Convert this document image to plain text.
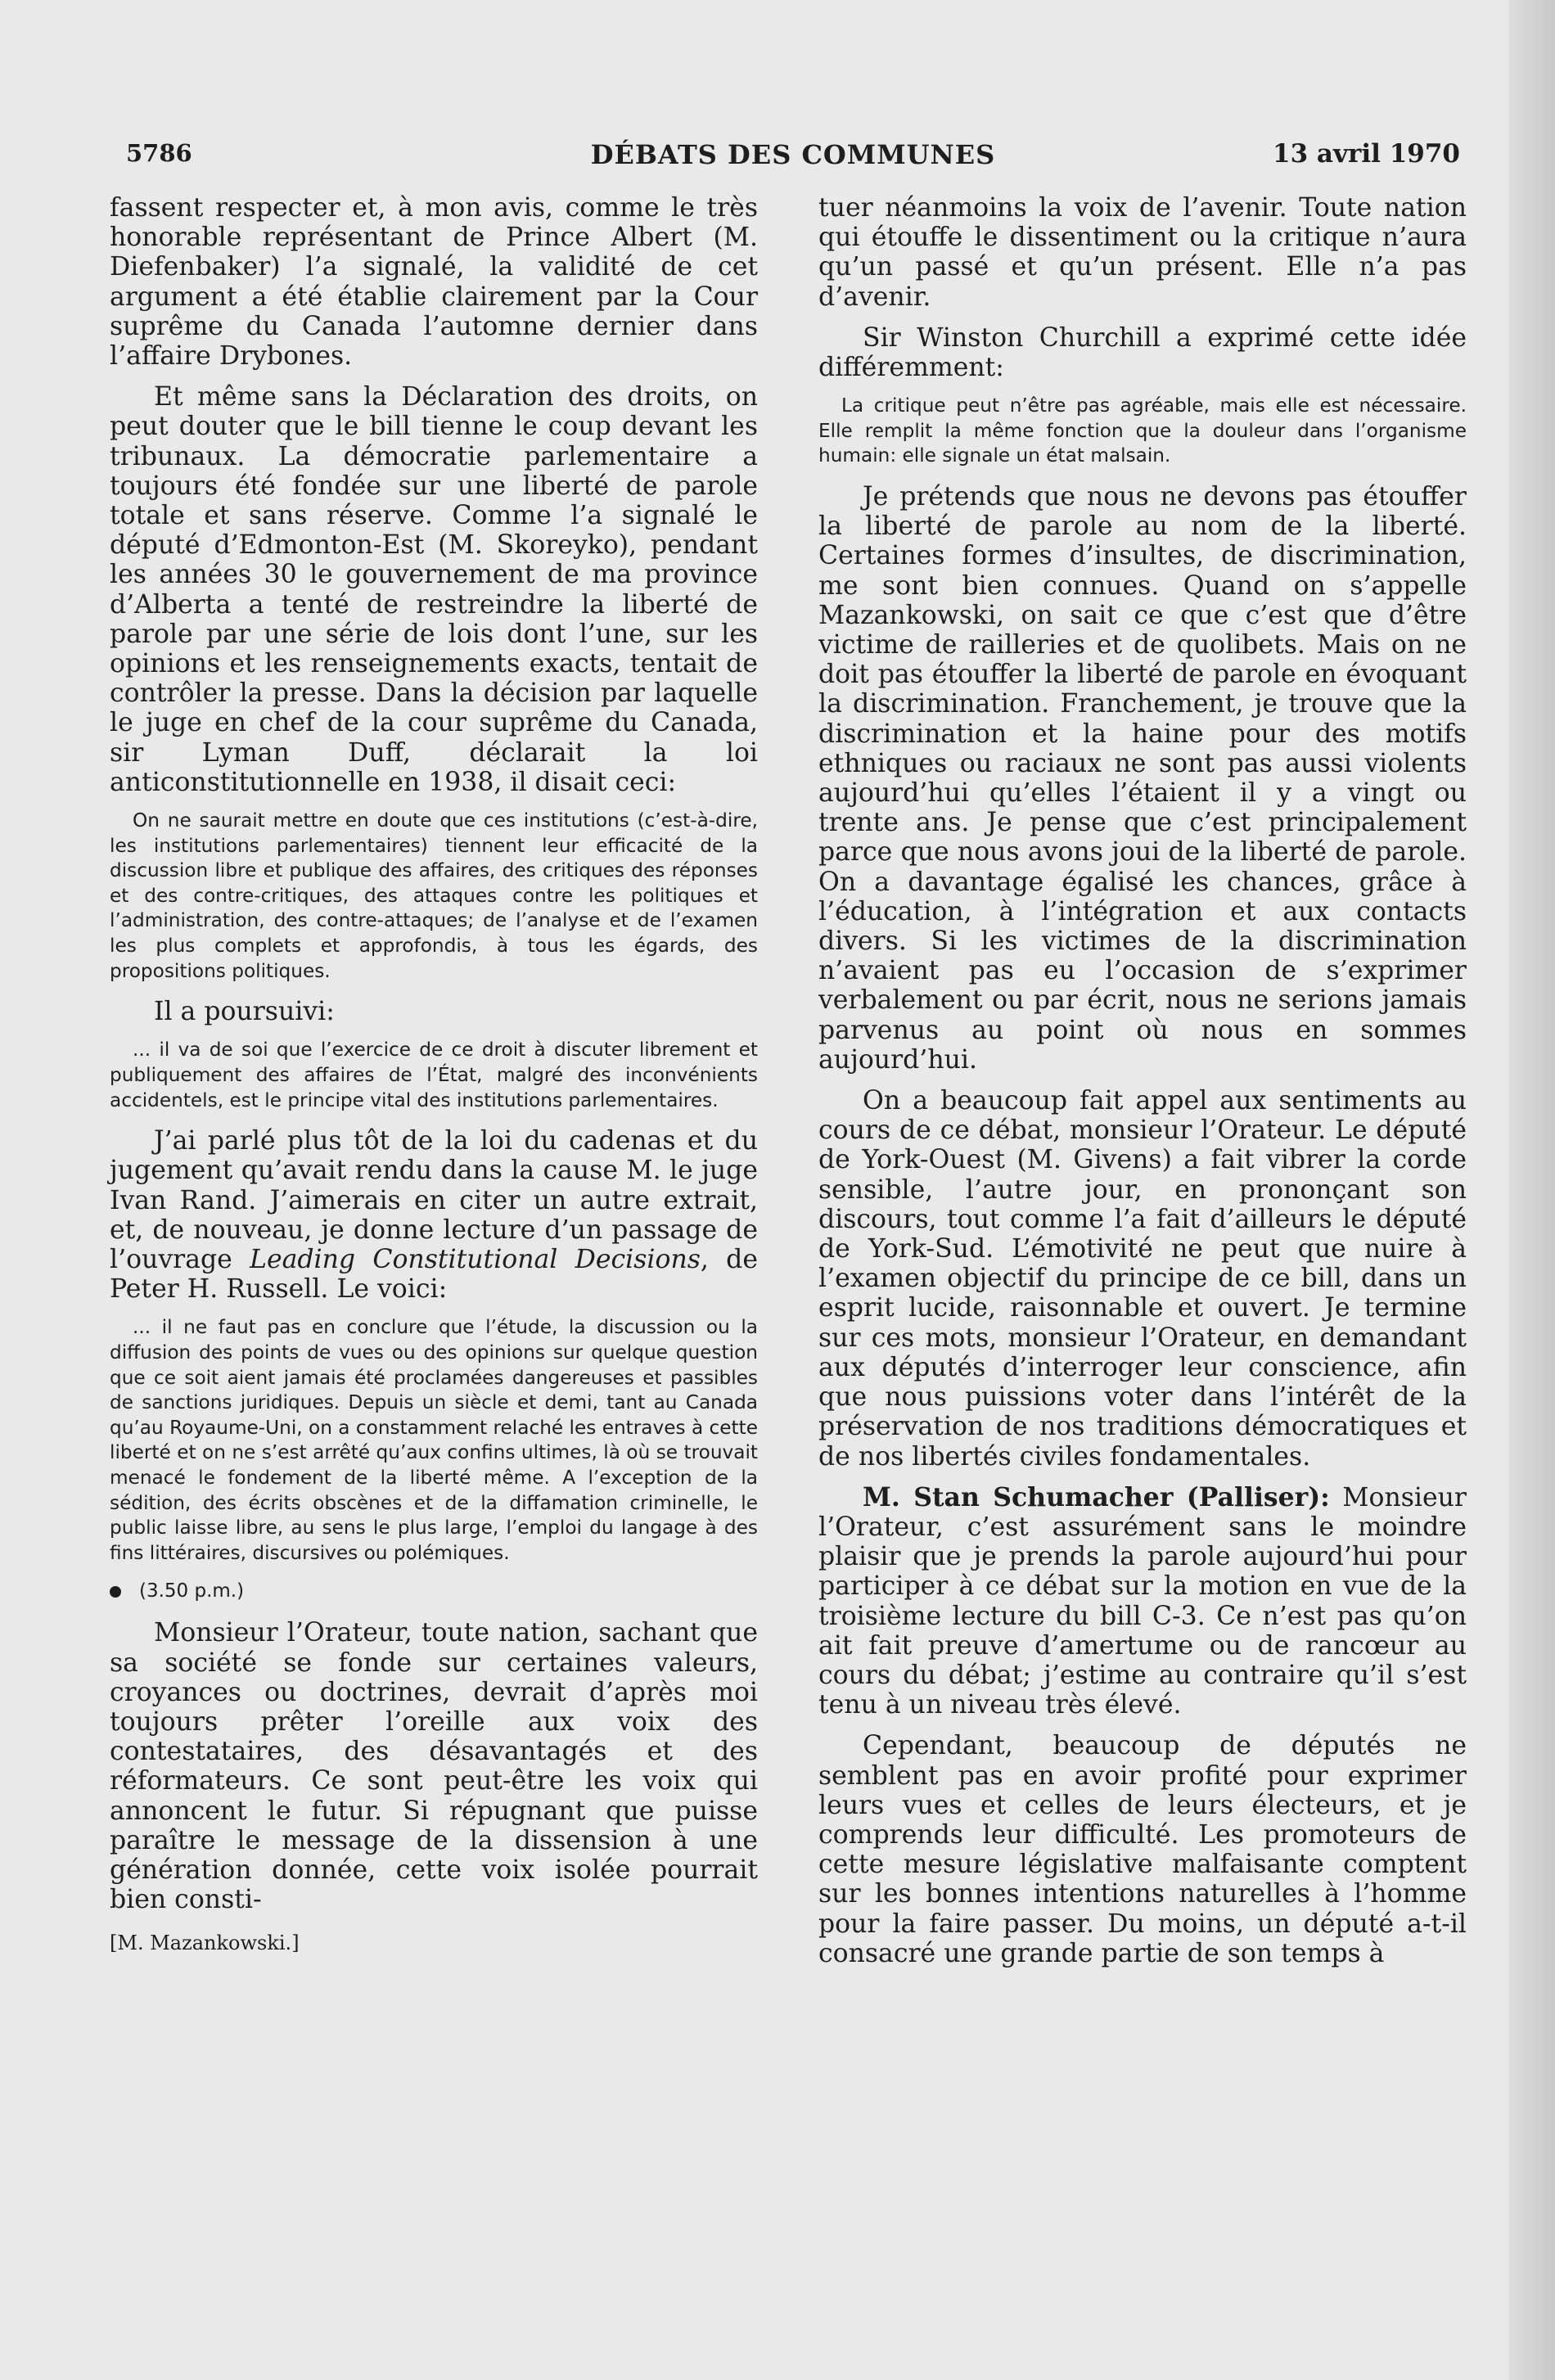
5786	DÉBATS DES COMMUNES	13 avril 1970

fassent respecter et, à mon avis, comme le très honorable représentant de Prince Albert (M. Diefenbaker) l’a signalé, la validité de cet argument a été établie clairement par la Cour suprême du Canada l’automne dernier dans l’affaire Drybones.

Et même sans la Déclaration des droits, on peut douter que le bill tienne le coup devant les tribunaux. La démocratie parlementaire a toujours été fondée sur une liberté de parole totale et sans réserve. Comme l’a signalé le député d’Edmonton-Est (M. Skoreyko), pendant les années 30 le gouvernement de ma province d’Alberta a tenté de restreindre la liberté de parole par une série de lois dont l’une, sur les opinions et les renseignements exacts, tentait de contrôler la presse. Dans la décision par laquelle le juge en chef de la cour suprême du Canada, sir Lyman Duff, déclarait la loi anticonstitutionnelle en 1938, il disait ceci:

On ne saurait mettre en doute que ces institutions (c’est-à-dire, les institutions parlementaires) tiennent leur efficacité de la discussion libre et publique des affaires, des critiques des réponses et des contre-critiques, des attaques contre les politiques et l’administration, des contre-attaques; de l’analyse et de l’examen les plus complets et approfondis, à tous les égards, des propositions politiques.

Il a poursuivi:

... il va de soi que l’exercice de ce droit à discuter librement et publiquement des affaires de l’État, malgré des inconvénients accidentels, est le principe vital des institutions parlementaires.

J’ai parlé plus tôt de la loi du cadenas et du jugement qu’avait rendu dans la cause M. le juge Ivan Rand. J’aimerais en citer un autre extrait, et, de nouveau, je donne lecture d’un passage de l’ouvrage Leading Constitutional Decisions, de Peter H. Russell. Le voici:

... il ne faut pas en conclure que l’étude, la discussion ou la diffusion des points de vues ou des opinions sur quelque question que ce soit aient jamais été proclamées dangereuses et passibles de sanctions juridiques. Depuis un siècle et demi, tant au Canada qu’au Royaume-Uni, on a constamment relaché les entraves à cette liberté et on ne s’est arrêté qu’aux confins ultimes, là où se trouvait menacé le fondement de la liberté même. A l’exception de la sédition, des écrits obscènes et de la diffamation criminelle, le public laisse libre, au sens le plus large, l’emploi du langage à des fins littéraires, discursives ou polémiques.

(3.50 p.m.)

Monsieur l’Orateur, toute nation, sachant que sa société se fonde sur certaines valeurs, croyances ou doctrines, devrait d’après moi toujours prêter l’oreille aux voix des contestataires, des désavantagés et des réformateurs. Ce sont peut-être les voix qui annoncent le futur. Si répugnant que puisse paraître le message de la dissension à une génération donnée, cette voix isolée pourrait bien consti-

[M. Mazankowski.]

tuer néanmoins la voix de l’avenir. Toute nation qui étouffe le dissentiment ou la critique n’aura qu’un passé et qu’un présent. Elle n’a pas d’avenir.

Sir Winston Churchill a exprimé cette idée différemment:

La critique peut n’être pas agréable, mais elle est nécessaire. Elle remplit la même fonction que la douleur dans l’organisme humain: elle signale un état malsain.

Je prétends que nous ne devons pas étouffer la liberté de parole au nom de la liberté. Certaines formes d’insultes, de discrimination, me sont bien connues. Quand on s’appelle Mazankowski, on sait ce que c’est que d’être victime de railleries et de quolibets. Mais on ne doit pas étouffer la liberté de parole en évoquant la discrimination. Franchement, je trouve que la discrimination et la haine pour des motifs ethniques ou raciaux ne sont pas aussi violents aujourd’hui qu’elles l’étaient il y a vingt ou trente ans. Je pense que c’est principalement parce que nous avons joui de la liberté de parole. On a davantage égalisé les chances, grâce à l’éducation, à l’intégration et aux contacts divers. Si les victimes de la discrimination n’avaient pas eu l’occasion de s’exprimer verbalement ou par écrit, nous ne serions jamais parvenus au point où nous en sommes aujourd’hui.

On a beaucoup fait appel aux sentiments au cours de ce débat, monsieur l’Orateur. Le député de York-Ouest (M. Givens) a fait vibrer la corde sensible, l’autre jour, en prononçant son discours, tout comme l’a fait d’ailleurs le député de York-Sud. L’émotivité ne peut que nuire à l’examen objectif du principe de ce bill, dans un esprit lucide, raisonnable et ouvert. Je termine sur ces mots, monsieur l’Orateur, en demandant aux députés d’interroger leur conscience, afin que nous puissions voter dans l’intérêt de la préservation de nos traditions démocratiques et de nos libertés civiles fondamentales.

M. Stan Schumacher (Palliser): Monsieur l’Orateur, c’est assurément sans le moindre plaisir que je prends la parole aujourd’hui pour participer à ce débat sur la motion en vue de la troisième lecture du bill C-3. Ce n’est pas qu’on ait fait preuve d’amertume ou de rancœur au cours du débat; j’estime au contraire qu’il s’est tenu à un niveau très élevé.

Cependant, beaucoup de députés ne semblent pas en avoir profité pour exprimer leurs vues et celles de leurs électeurs, et je comprends leur difficulté. Les promoteurs de cette mesure législative malfaisante comptent sur les bonnes intentions naturelles à l’homme pour la faire passer. Du moins, un député a-t-il consacré une grande partie de son temps à
